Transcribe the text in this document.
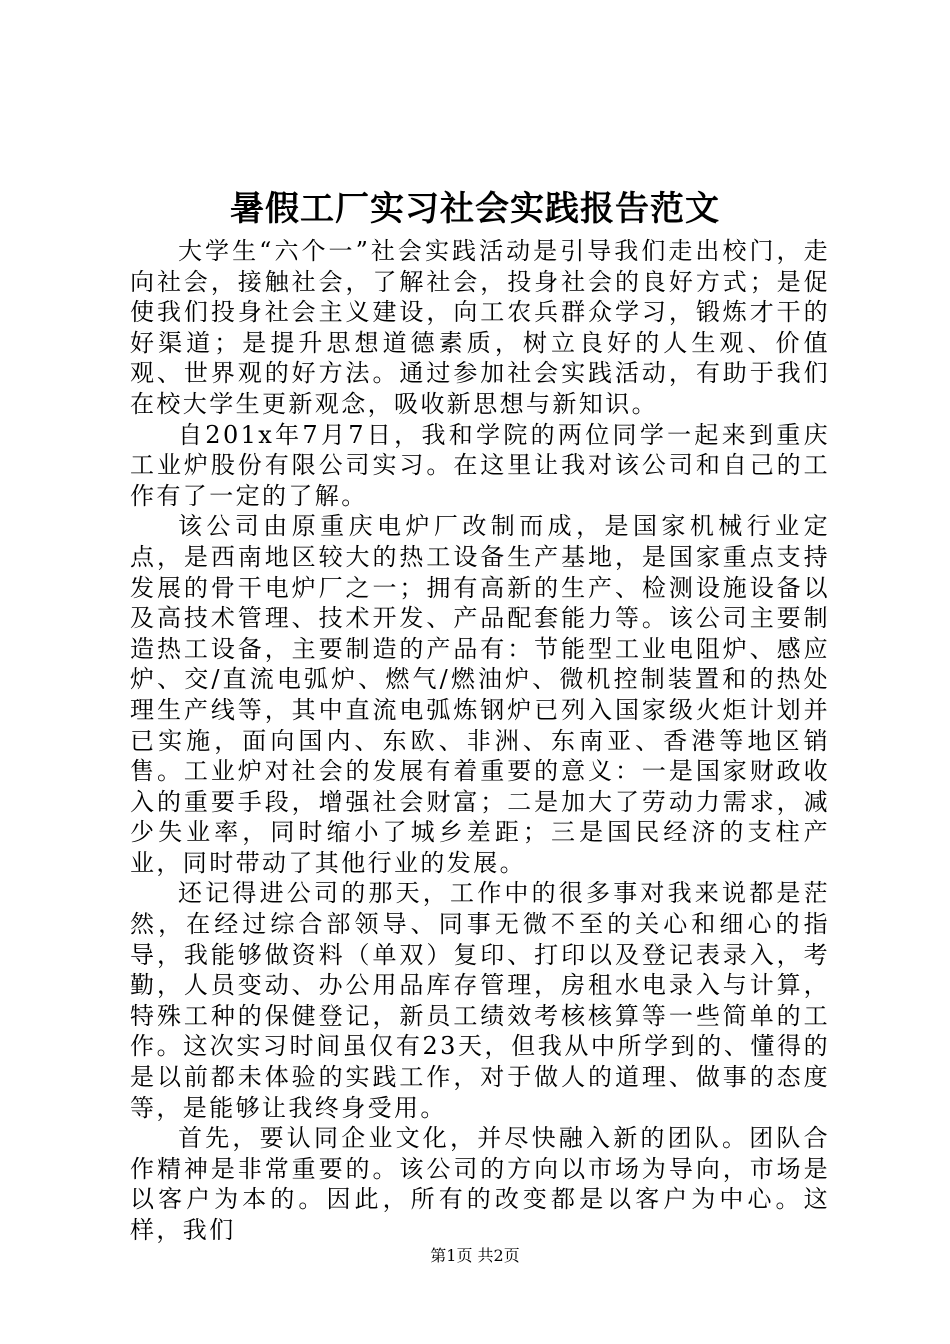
暑假工厂实习社会实践报告范文

大学生“六个一”社会实践活动是引导我们走出校门，走向社会，接触社会，了解社会，投身社会的良好方式；是促使我们投身社会主义建设，向工农兵群众学习，锻炼才干的好渠道；是提升思想道德素质，树立良好的人生观、价值观、世界观的好方法。通过参加社会实践活动，有助于我们在校大学生更新观念，吸收新思想与新知识。

自201x年7月7日，我和学院的两位同学一起来到重庆工业炉股份有限公司实习。在这里让我对该公司和自己的工作有了一定的了解。

该公司由原重庆电炉厂改制而成，是国家机械行业定点，是西南地区较大的热工设备生产基地，是国家重点支持发展的骨干电炉厂之一；拥有高新的生产、检测设施设备以及高技术管理、技术开发、产品配套能力等。该公司主要制造热工设备，主要制造的产品有：节能型工业电阻炉、感应炉、交/直流电弧炉、燃气/燃油炉、微机控制装置和的热处理生产线等，其中直流电弧炼钢炉已列入国家级火炬计划并已实施，面向国内、东欧、非洲、东南亚、香港等地区销售。工业炉对社会的发展有着重要的意义：一是国家财政收入的重要手段，增强社会财富；二是加大了劳动力需求，减少失业率，同时缩小了城乡差距；三是国民经济的支柱产业，同时带动了其他行业的发展。

还记得进公司的那天，工作中的很多事对我来说都是茫然，在经过综合部领导、同事无微不至的关心和细心的指导，我能够做资料（单双）复印、打印以及登记表录入，考勤，人员变动、办公用品库存管理，房租水电录入与计算，特殊工种的保健登记，新员工绩效考核核算等一些简单的工作。这次实习时间虽仅有23天，但我从中所学到的、懂得的是以前都未体验的实践工作，对于做人的道理、做事的态度等，是能够让我终身受用。

首先，要认同企业文化，并尽快融入新的团队。团队合作精神是非常重要的。该公司的方向以市场为导向，市场是以客户为本的。因此，所有的改变都是以客户为中心。这样，我们

第1页 共2页
